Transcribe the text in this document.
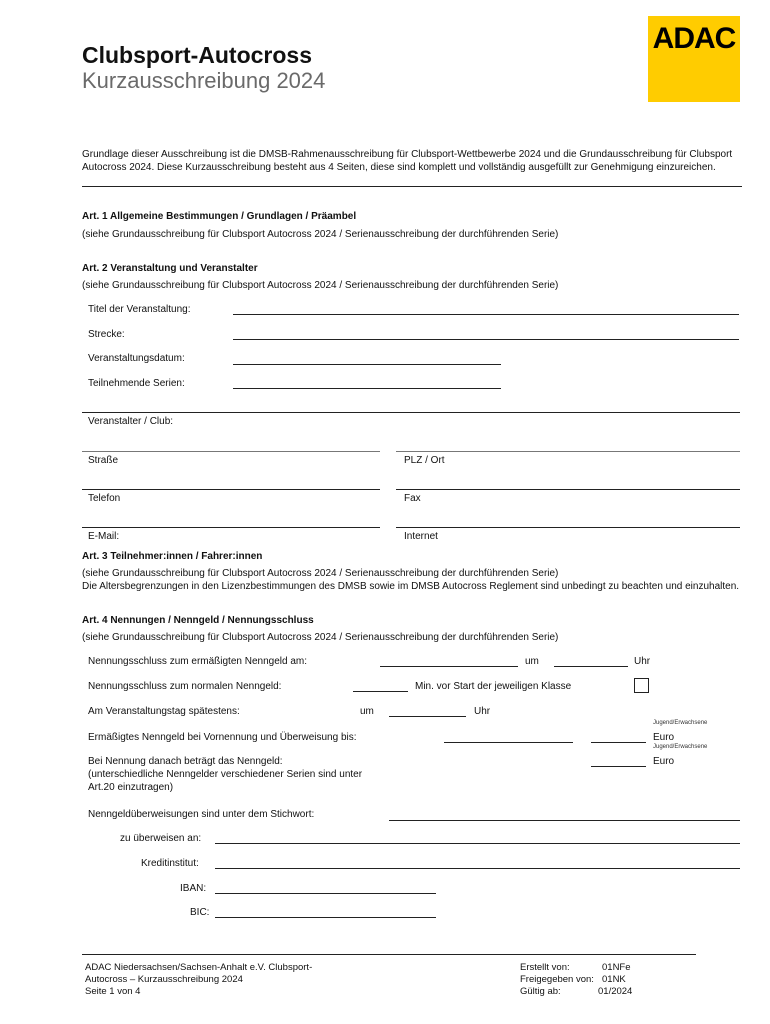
Clubsport-Autocross
Kurzausschreibung 2024
ADAC
Grundlage dieser Ausschreibung ist die DMSB-Rahmenausschreibung für Clubsport-Wettbewerbe 2024 und die Grundausschreibung für Clubsport Autocross 2024. Diese Kurzausschreibung besteht aus 4 Seiten, diese sind komplett und vollständig ausgefüllt zur Genehmigung einzureichen.
Art. 1 Allgemeine Bestimmungen / Grundlagen / Präambel
(siehe Grundausschreibung für Clubsport Autocross 2024 / Serienausschreibung der durchführenden Serie)
Art. 2 Veranstaltung und Veranstalter
(siehe Grundausschreibung für Clubsport Autocross 2024 / Serienausschreibung der durchführenden Serie)
Titel der Veranstaltung:
Strecke:
Veranstaltungsdatum:
Teilnehmende Serien:
Veranstalter / Club:
Straße	PLZ / Ort
Telefon	Fax
E-Mail:	Internet
Art. 3 Teilnehmer:innen / Fahrer:innen
(siehe Grundausschreibung für Clubsport Autocross 2024 / Serienausschreibung der durchführenden Serie)
Die Altersbegrenzungen in den Lizenzbestimmungen des DMSB sowie im DMSB Autocross Reglement sind unbedingt zu beachten und einzuhalten.
Art. 4 Nennungen / Nenngeld / Nennungsschluss
(siehe Grundausschreibung für Clubsport Autocross 2024 / Serienausschreibung der durchführenden Serie)
Nennungsschluss zum ermäßigten Nenngeld am:	um	Uhr
Nennungsschluss zum normalen Nenngeld:	Min. vor Start der jeweiligen Klasse
Am Veranstaltungstag spätestens:	um	Uhr
Jugend/Erwachsene
Ermäßigtes Nenngeld bei Vornennung und Überweisung bis:	Euro
Jugend/Erwachsene
Bei Nennung danach beträgt das Nenngeld:
(unterschiedliche Nenngelder verschiedener Serien sind unter
Art.20 einzutragen)
Euro
Nenngeldüberweisungen sind unter dem Stichwort:
zu überweisen an:
Kreditinstitut:
IBAN:
BIC:
ADAC Niedersachsen/Sachsen-Anhalt e.V. Clubsport-
Autocross – Kurzausschreibung 2024
Seite 1 von 4
Erstellt von:	01NFe
Freigegeben von: 01NK
Gültig ab:	01/2024
